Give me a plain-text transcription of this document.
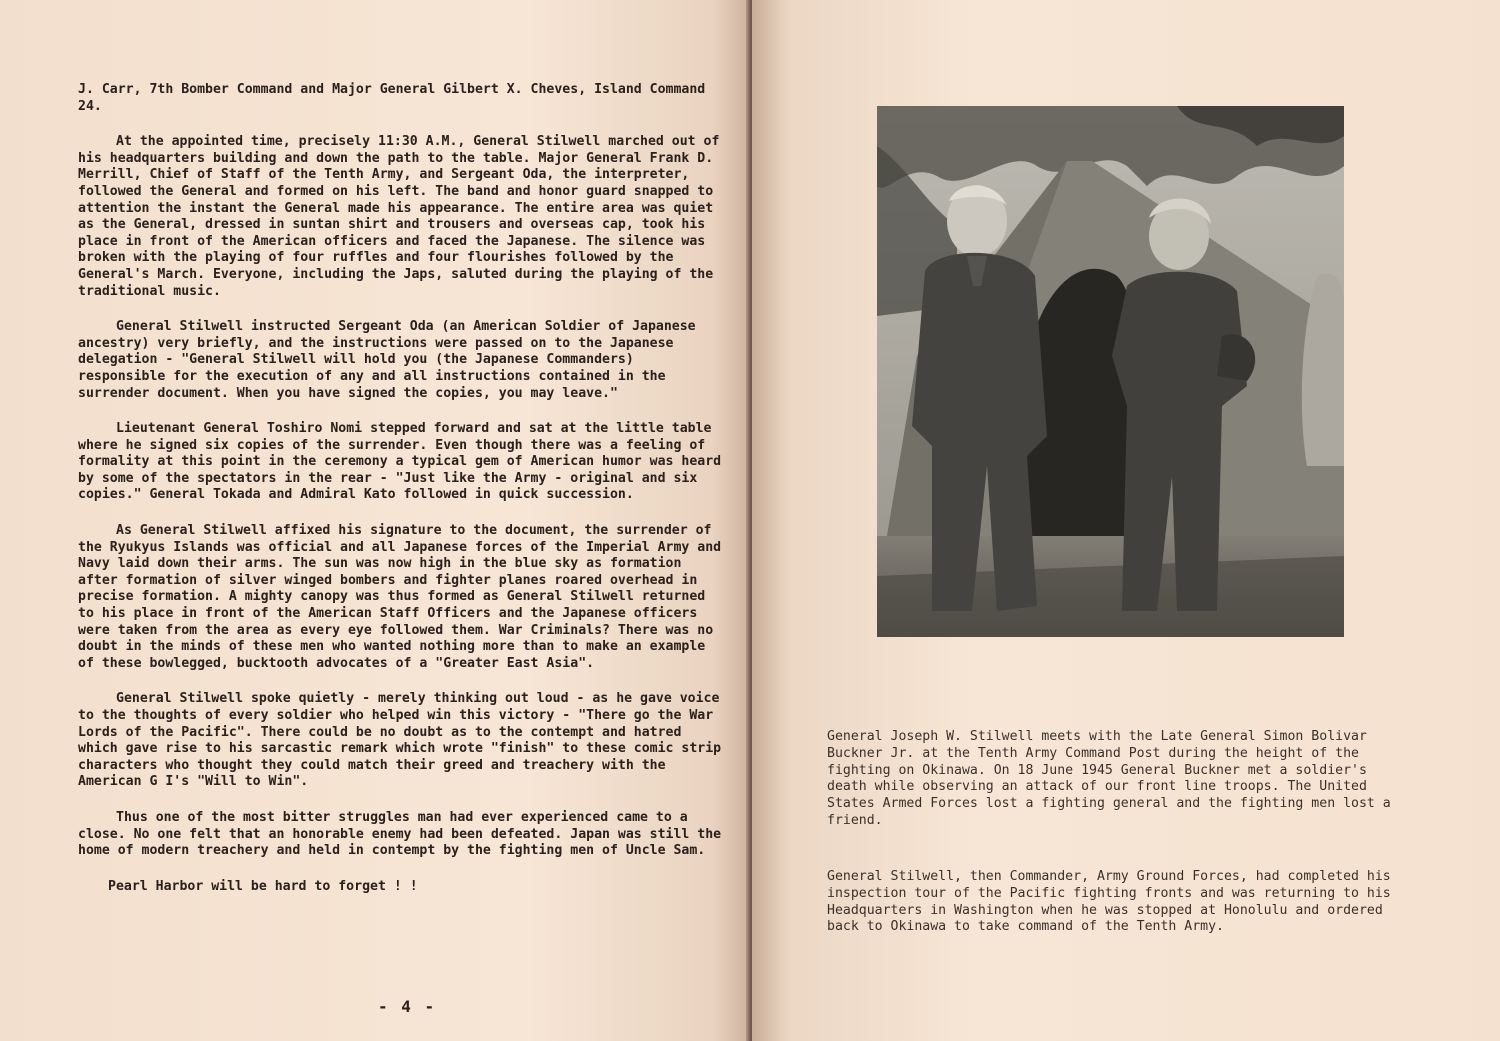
J. Carr, 7th Bomber Command and Major General Gilbert X. Cheves, Island Command 24.

At the appointed time, precisely 11:30 A.M., General Stilwell marched out of his headquarters building and down the path to the table. Major General Frank D. Merrill, Chief of Staff of the Tenth Army, and Sergeant Oda, the interpreter, followed the General and formed on his left. The band and honor guard snapped to attention the instant the General made his appearance. The entire area was quiet as the General, dressed in suntan shirt and trousers and overseas cap, took his place in front of the American officers and faced the Japanese. The silence was broken with the playing of four ruffles and four flourishes followed by the General's March. Everyone, including the Japs, saluted during the playing of the traditional music.

General Stilwell instructed Sergeant Oda (an American Soldier of Japanese ancestry) very briefly, and the instructions were passed on to the Japanese delegation - "General Stilwell will hold you (the Japanese Commanders) responsible for the execution of any and all instructions contained in the surrender document. When you have signed the copies, you may leave."

Lieutenant General Toshiro Nomi stepped forward and sat at the little table where he signed six copies of the surrender. Even though there was a feeling of formality at this point in the ceremony a typical gem of American humor was heard by some of the spectators in the rear - "Just like the Army - original and six copies." General Tokada and Admiral Kato followed in quick succession.

As General Stilwell affixed his signature to the document, the surrender of the Ryukyus Islands was official and all Japanese forces of the Imperial Army and Navy laid down their arms. The sun was now high in the blue sky as formation after formation of silver winged bombers and fighter planes roared overhead in precise formation. A mighty canopy was thus formed as General Stilwell returned to his place in front of the American Staff Officers and the Japanese officers were taken from the area as every eye followed them. War Criminals? There was no doubt in the minds of these men who wanted nothing more than to make an example of these bowlegged, bucktooth advocates of a "Greater East Asia".

General Stilwell spoke quietly - merely thinking out loud - as he gave voice to the thoughts of every soldier who helped win this victory - "There go the War Lords of the Pacific". There could be no doubt as to the contempt and hatred which gave rise to his sarcastic remark which wrote "finish" to these comic strip characters who thought they could match their greed and treachery with the American G I's "Will to Win".

Thus one of the most bitter struggles man had ever experienced came to a close. No one felt that an honorable enemy had been defeated. Japan was still the home of modern treachery and held in contempt by the fighting men of Uncle Sam.

Pearl Harbor will be hard to forget ! !

- 4 -

General Joseph W. Stilwell meets with the Late General Simon Bolivar Buckner Jr. at the Tenth Army Command Post during the height of the fighting on Okinawa. On 18 June 1945 General Buckner met a soldier's death while observing an attack of our front line troops. The United States Armed Forces lost a fighting general and the fighting men lost a friend.

General Stilwell, then Commander, Army Ground Forces, had completed his inspection tour of the Pacific fighting fronts and was returning to his Headquarters in Washington when he was stopped at Honolulu and ordered back to Okinawa to take command of the Tenth Army.
